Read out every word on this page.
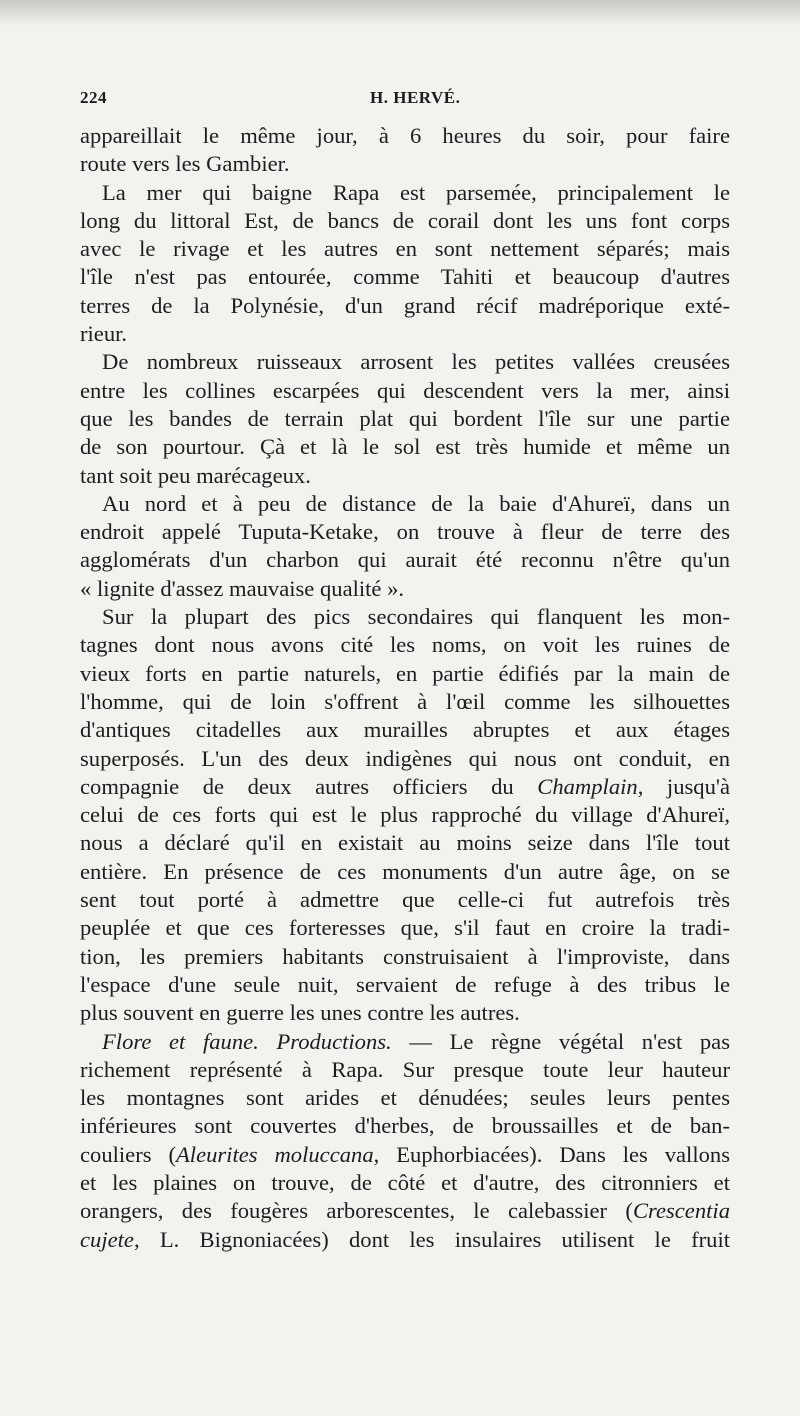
224	H. HERVÉ.
appareillait le même jour, à 6 heures du soir, pour faire
route vers les Gambier.
La mer qui baigne Rapa est parsemée, principalement le
long du littoral Est, de bancs de corail dont les uns font corps
avec le rivage et les autres en sont nettement séparés; mais
l'île n'est pas entourée, comme Tahiti et beaucoup d'autres
terres de la Polynésie, d'un grand récif madréporique exté-
rieur.
De nombreux ruisseaux arrosent les petites vallées creusées
entre les collines escarpées qui descendent vers la mer, ainsi
que les bandes de terrain plat qui bordent l'île sur une partie
de son pourtour. Çà et là le sol est très humide et même un
tant soit peu marécageux.
Au nord et à peu de distance de la baie d'Ahureï, dans un
endroit appelé Tuputa-Ketake, on trouve à fleur de terre des
agglomérats d'un charbon qui aurait été reconnu n'être qu'un
« lignite d'assez mauvaise qualité ».
Sur la plupart des pics secondaires qui flanquent les mon-
tagnes dont nous avons cité les noms, on voit les ruines de
vieux forts en partie naturels, en partie édifiés par la main de
l'homme, qui de loin s'offrent à l'œil comme les silhouettes
d'antiques citadelles aux murailles abruptes et aux étages
superposés. L'un des deux indigènes qui nous ont conduit, en
compagnie de deux autres officiers du Champlain, jusqu'à
celui de ces forts qui est le plus rapproché du village d'Ahureï,
nous a déclaré qu'il en existait au moins seize dans l'île tout
entière. En présence de ces monuments d'un autre âge, on se
sent tout porté à admettre que celle-ci fut autrefois très
peuplée et que ces forteresses que, s'il faut en croire la tradi-
tion, les premiers habitants construisaient à l'improviste, dans
l'espace d'une seule nuit, servaient de refuge à des tribus le
plus souvent en guerre les unes contre les autres.
Flore et faune. Productions. — Le règne végétal n'est pas
richement représenté à Rapa. Sur presque toute leur hauteur
les montagnes sont arides et dénudées; seules leurs pentes
inférieures sont couvertes d'herbes, de broussailles et de ban-
couliers (Aleurites moluccana, Euphorbiacées). Dans les vallons
et les plaines on trouve, de côté et d'autre, des citronniers et
orangers, des fougères arborescentes, le calebassier (Crescentia
cujete, L. Bignoniacées) dont les insulaires utilisent le fruit
